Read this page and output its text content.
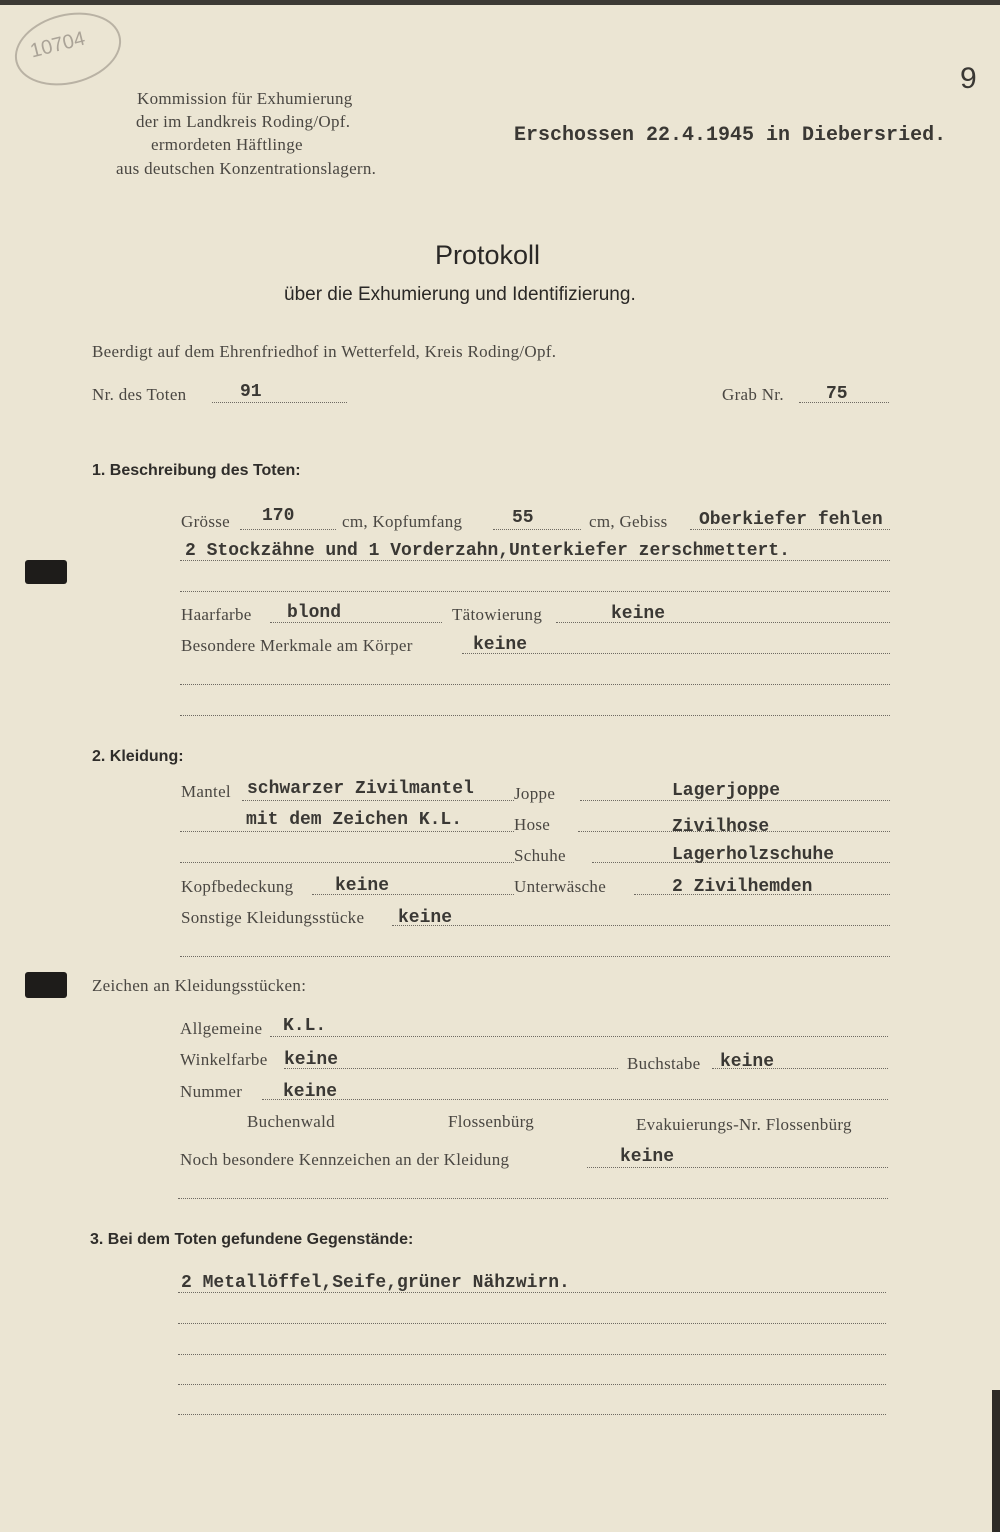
10704
9
Kommission für Exhumierung
der im Landkreis Roding/Opf.
ermordeten Häftlinge
aus deutschen Konzentrationslagern.
Erschossen 22.4.1945 in Diebersried.
Protokoll
über die Exhumierung und Identifizierung.
Beerdigt auf dem Ehrenfriedhof in Wetterfeld, Kreis Roding/Opf.
Nr. des Toten	91	Grab Nr. 75
1. Beschreibung des Toten:
Grösse 170	cm, Kopfumfang	55	cm, Gebiss Oberkiefer fehlen
2 Stockzähne und 1 Vorderzahn,Unterkiefer zerschmettert.
Haarfarbe blond	Tätowierung	keine
Besondere Merkmale am Körper	keine
2. Kleidung:
Mantel schwarzer Zivilmantel Joppe	Lagerjoppe
mit dem Zeichen K.L.	Hose	Zivilhose
Schuhe	Lagerholzschuhe
Kopfbedeckung keine	Unterwäsche	2 Zivilhemden
Sonstige Kleidungsstücke keine
Zeichen an Kleidungsstücken:
Allgemeine K.L.
Winkelfarbe keine	Buchstabe keine
Nummer keine
Buchenwald	Flossenbürg	Evakuierungs-Nr. Flossenbürg
Noch besondere Kennzeichen an der Kleidung	keine
3. Bei dem Toten gefundene Gegenstände:
2 Metallöffel,Seife,grüner Nähzwirn.
